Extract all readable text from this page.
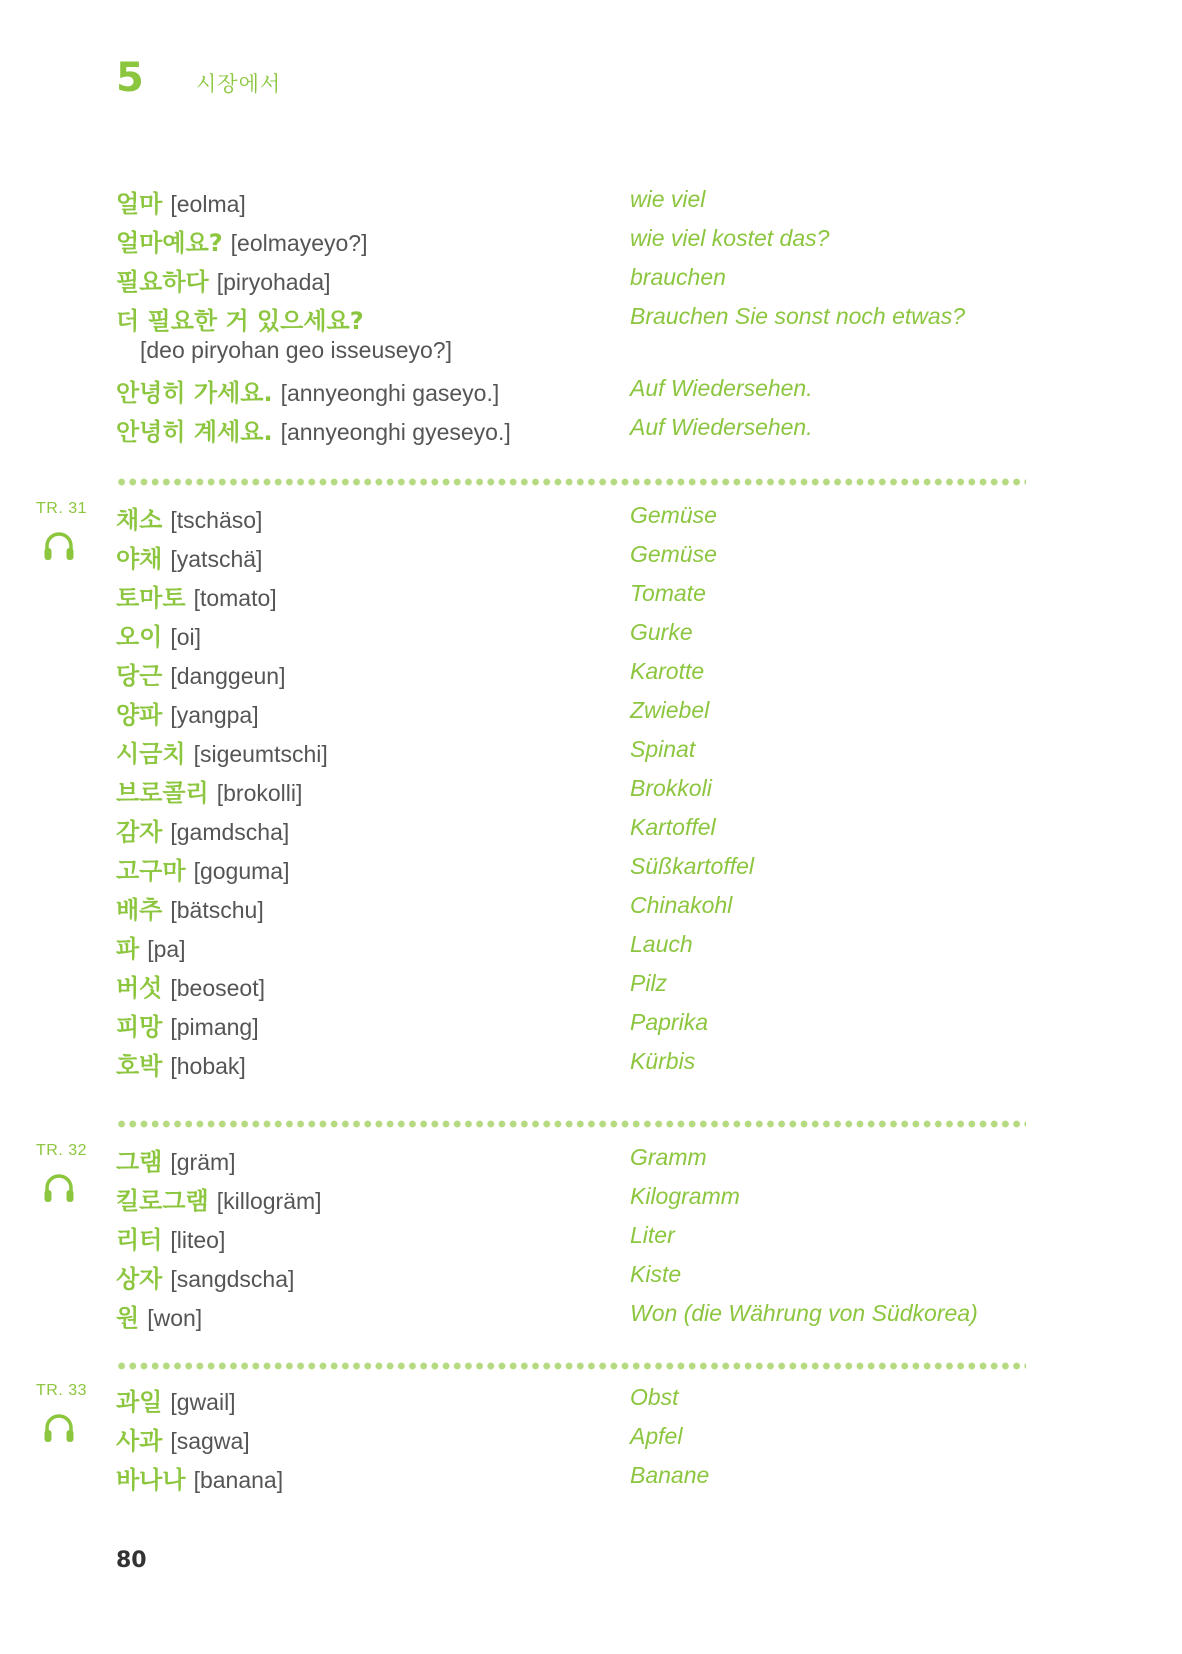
5 시장에서
얼마 [eolma]	wie viel
얼마예요? [eolmayeyo?]	wie viel kostet das?
필요하다 [piryohada]	brauchen
더 필요한 거 있으세요?	Brauchen Sie sonst noch etwas?
[deo piryohan geo isseuseyo?]
안녕히 가세요. [annyeonghi gaseyo.]	Auf Wiedersehen.
안녕히 계세요. [annyeonghi gyeseyo.]	Auf Wiedersehen.
TR. 31	채소 [tschäso]	Gemüse
야채 [yatschä]	Gemüse
토마토 [tomato]	Tomate
오이 [oi]	Gurke
당근 [danggeun]	Karotte
양파 [yangpa]	Zwiebel
시금치 [sigeumtschi]	Spinat
브로콜리 [brokolli]	Brokkoli
감자 [gamdscha]	Kartoffel
고구마 [goguma]	Süßkartoffel
배추 [bätschu]	Chinakohl
파 [pa]	Lauch
버섯 [beoseot]	Pilz
피망 [pimang]	Paprika
호박 [hobak]	Kürbis
TR. 32	그램 [gräm]	Gramm
킬로그램 [killogräm]	Kilogramm
리터 [liteo]	Liter
상자 [sangdscha]	Kiste
원 [won]	Won (die Währung von Südkorea)
TR. 33	과일 [gwail]	Obst
사과 [sagwa]	Apfel
바나나 [banana]	Banane
80
